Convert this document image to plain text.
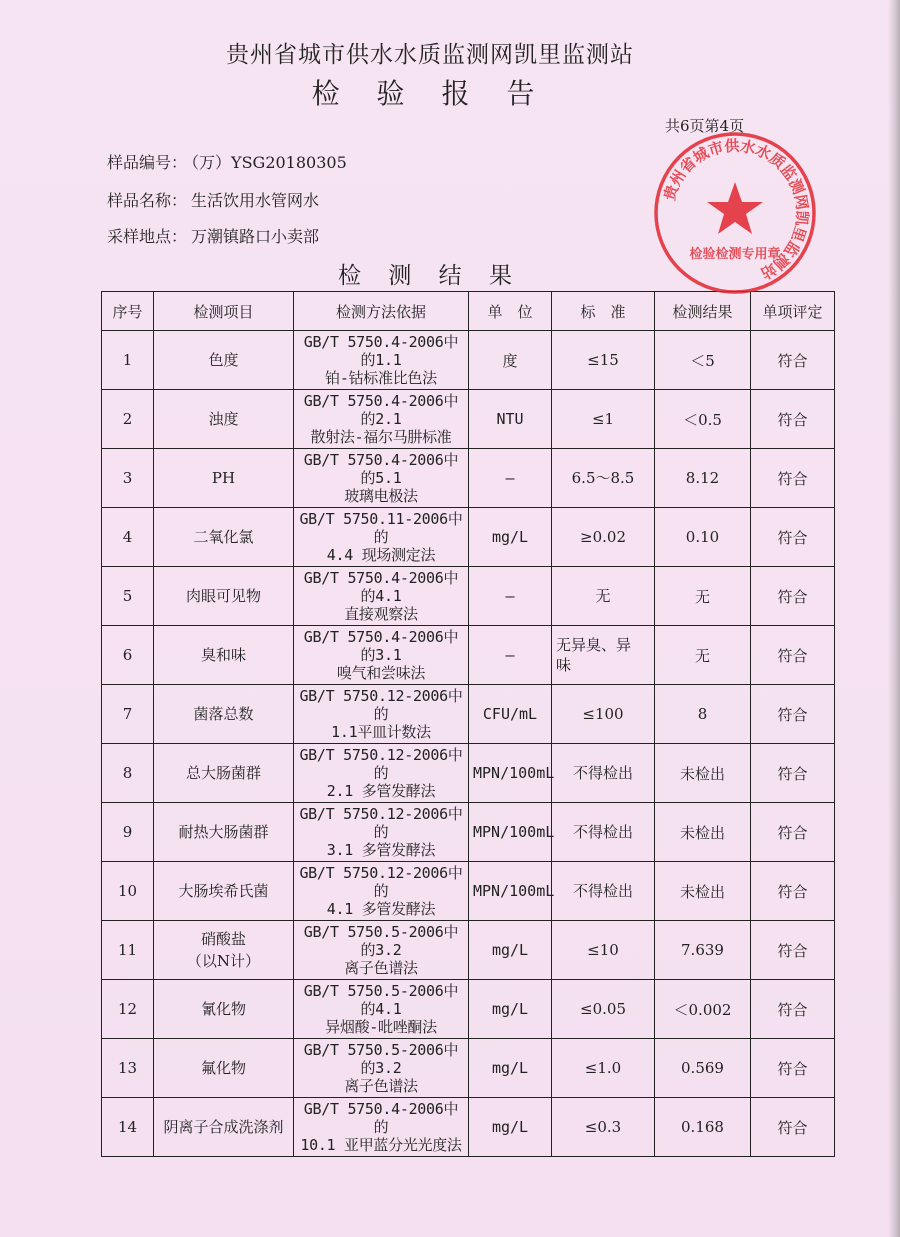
贵州省城市供水水质监测网凯里监测站
检 验 报 告
共6页第4页
样品编号： （万）YSG20180305
样品名称： 生活饮用水管网水
采样地点： 万潮镇路口小卖部
检 测 结 果
序号	检测项目	检测方法依据	单　位	标　准	检测结果	单项评定
1	色度	GB/T 5750.4-2006中的1.1
铂-钴标准比色法	度	≤15	＜5	符合
2	浊度	GB/T 5750.4-2006中的2.1
散射法-福尔马肼标准	NTU	≤1	＜0.5	符合
3	PH	GB/T 5750.4-2006中的5.1
玻璃电极法	—	6.5～8.5	8.12	符合
4	二氧化氯	GB/T 5750.11-2006中的
4.4 现场测定法	mg/L	≥0.02	0.10	符合
5	肉眼可见物	GB/T 5750.4-2006中的4.1
直接观察法	—	无	无	符合
6	臭和味	GB/T 5750.4-2006中的3.1
嗅气和尝味法	—	无异臭、异
味	无	符合
7	菌落总数	GB/T 5750.12-2006中的
1.1平皿计数法	CFU/mL	≤100	8	符合
8	总大肠菌群	GB/T 5750.12-2006中的
2.1 多管发酵法	MPN/100mL	不得检出	未检出	符合
9	耐热大肠菌群	GB/T 5750.12-2006中的
3.1 多管发酵法	MPN/100mL	不得检出	未检出	符合
10	大肠埃希氏菌	GB/T 5750.12-2006中的
4.1 多管发酵法	MPN/100mL	不得检出	未检出	符合
11	硝酸盐
（以N计）	GB/T 5750.5-2006中的3.2
离子色谱法	mg/L	≤10	7.639	符合
12	氰化物	GB/T 5750.5-2006中的4.1
异烟酸-吡唑酮法	mg/L	≤0.05	＜0.002	符合
13	氟化物	GB/T 5750.5-2006中的3.2
离子色谱法	mg/L	≤1.0	0.569	符合
14	阴离子合成洗涤剂	GB/T 5750.4-2006中的
10.1 亚甲蓝分光光度法	mg/L	≤0.3	0.168	符合
贵州省城市供水水质监测网凯里监测站
检验检测专用章
